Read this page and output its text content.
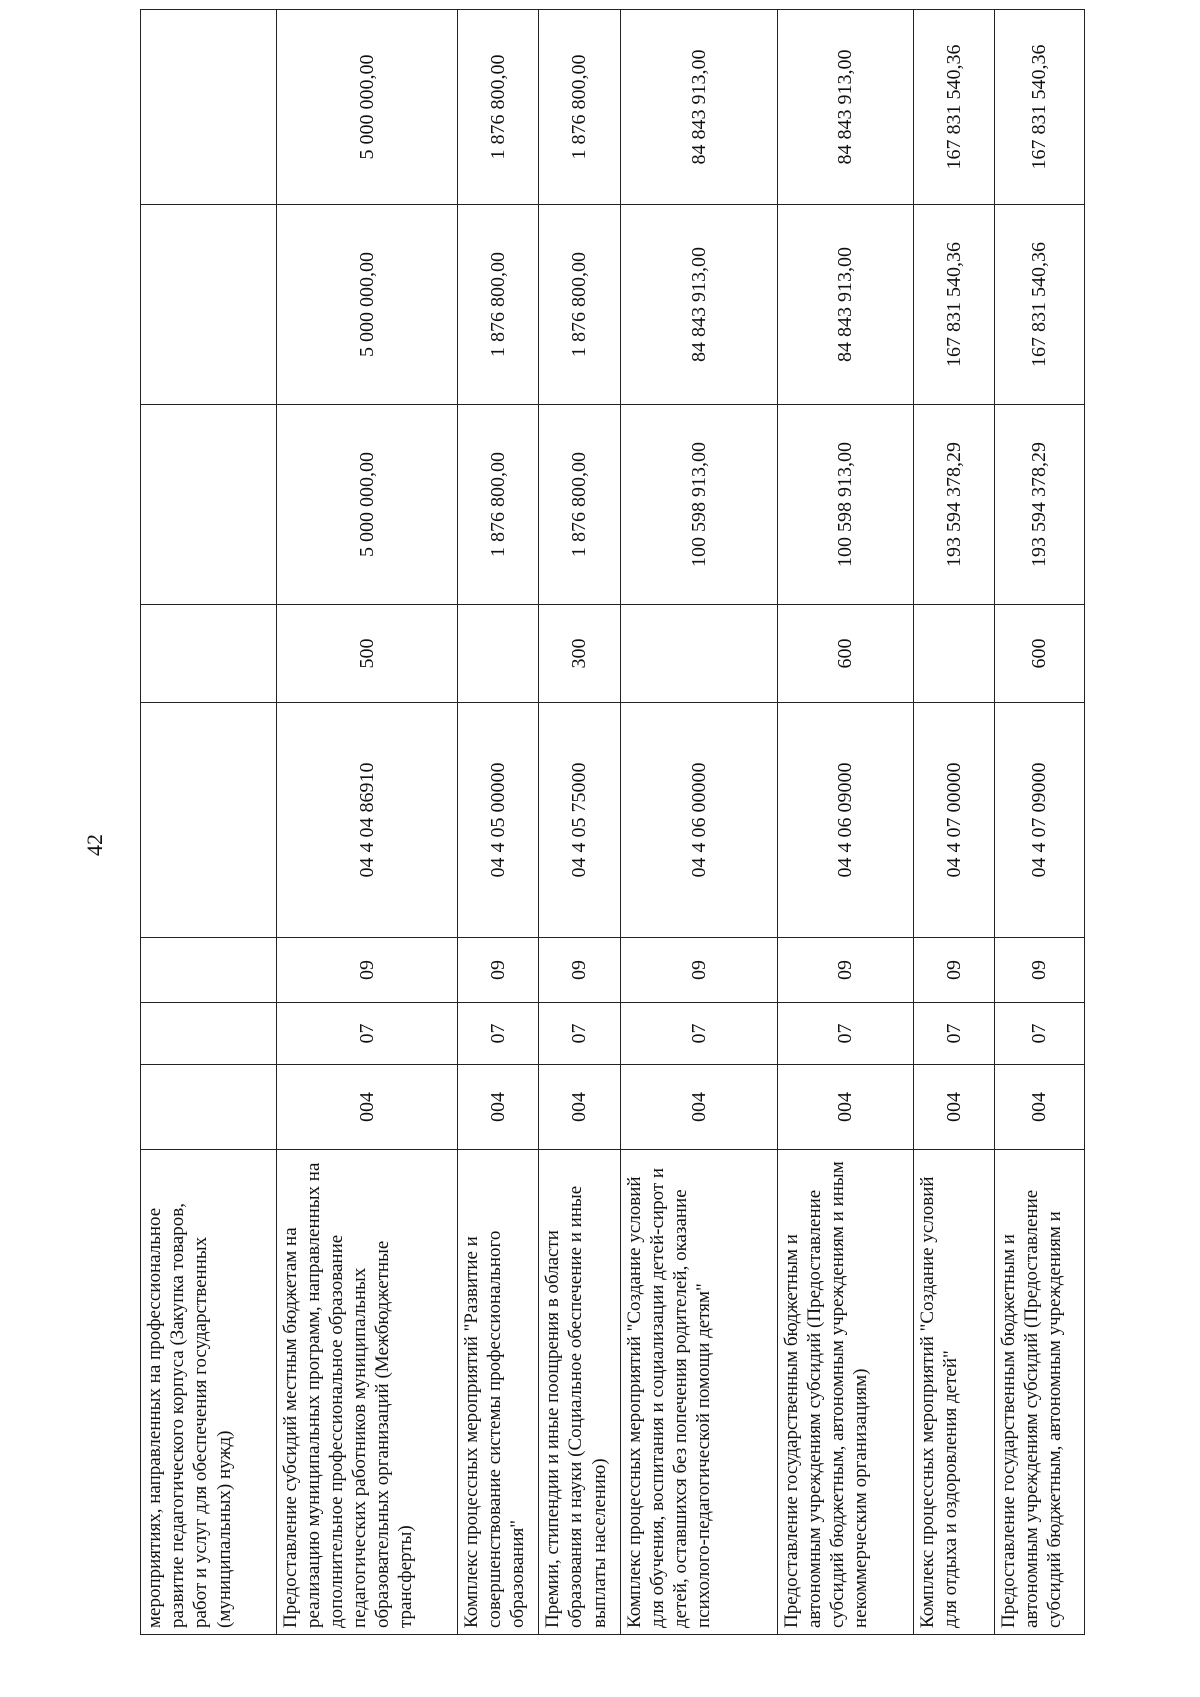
42
мероприятиях, направленных на профессиональное развитие педагогического корпуса (Закупка товаров, работ и услуг для обеспечения государственных (муниципальных) нужд)								
Предоставление субсидий местным бюджетам на реализацию муниципальных программ, направленных на дополнительное профессиональное образование педагогических работников муниципальных образовательных организаций (Межбюджетные трансферты)	004	07	09	04 4 04 86910	500	5 000 000,00	5 000 000,00	5 000 000,00
Комплекс процессных мероприятий "Развитие и совершенствование системы профессионального образования"	004	07	09	04 4 05 00000		1 876 800,00	1 876 800,00	1 876 800,00
Премии, стипендии и иные поощрения в области образования и науки (Социальное обеспечение и иные выплаты населению)	004	07	09	04 4 05 75000	300	1 876 800,00	1 876 800,00	1 876 800,00
Комплекс процессных мероприятий "Создание условий для обучения, воспитания и социализации детей-сирот и детей, оставшихся без попечения родителей, оказание психолого-педагогической помощи детям"	004	07	09	04 4 06 00000		100 598 913,00	84 843 913,00	84 843 913,00
Предоставление государственным бюджетным и автономным учреждениям субсидий (Предоставление субсидий бюджетным, автономным учреждениям и иным некоммерческим организациям)	004	07	09	04 4 06 09000	600	100 598 913,00	84 843 913,00	84 843 913,00
Комплекс процессных мероприятий "Создание условий для отдыха и оздоровления детей"	004	07	09	04 4 07 00000		193 594 378,29	167 831 540,36	167 831 540,36
Предоставление государственным бюджетным и автономным учреждениям субсидий (Предоставление субсидий бюджетным, автономным учреждениям и	004	07	09	04 4 07 09000	600	193 594 378,29	167 831 540,36	167 831 540,36
